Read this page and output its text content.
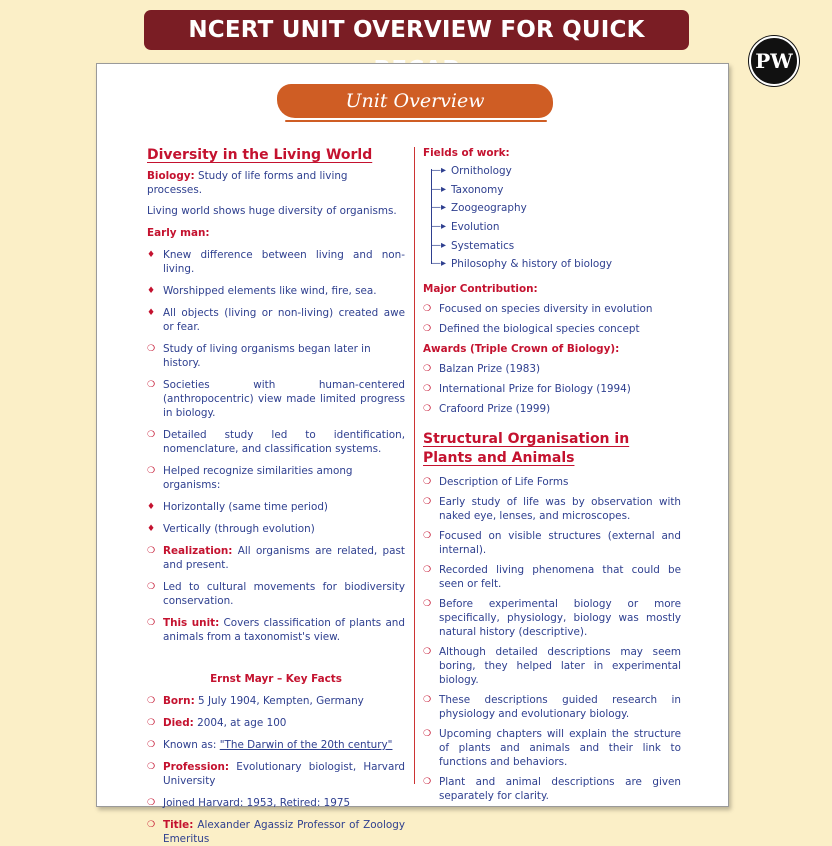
NCERT UNIT OVERVIEW FOR QUICK
PW
Unit Overview
Diversity in the Living World
Biology: Study of life forms and living processes.
Living world shows huge diversity of organisms.
Early man:
♦ Knew difference between living and non-living.
♦ Worshipped elements like wind, fire, sea.
♦ All objects (living or non-living) created awe or fear.
❍ Study of living organisms began later in history.
❍ Societies with human-centered (anthropocentric) view made limited progress in biology.
❍ Detailed study led to identification, nomenclature, and classification systems.
❍ Helped recognize similarities among organisms:
♦ Horizontally (same time period)
♦ Vertically (through evolution)
❍ Realization: All organisms are related, past and present.
❍ Led to cultural movements for biodiversity conservation.
❍ This unit: Covers classification of plants and animals from a taxonomist's view.
Ernst Mayr – Key Facts
❍ Born: 5 July 1904, Kempten, Germany
❍ Died: 2004, at age 100
❍ Known as: "The Darwin of the 20th century"
❍ Profession: Evolutionary biologist, Harvard University
❍ Joined Harvard: 1953, Retired: 1975
❍ Title: Alexander Agassiz Professor of Zoology Emeritus
Fields of work:
—▸ Ornithology
—▸ Taxonomy
—▸ Zoogeography
—▸ Evolution
—▸ Systematics
—▸ Philosophy & history of biology
Major Contribution:
❍ Focused on species diversity in evolution
❍ Defined the biological species concept
Awards (Triple Crown of Biology):
❍ Balzan Prize (1983)
❍ International Prize for Biology (1994)
❍ Crafoord Prize (1999)
Structural Organisation in Plants and Animals
❍ Description of Life Forms
❍ Early study of life was by observation with naked eye, lenses, and microscopes.
❍ Focused on visible structures (external and internal).
❍ Recorded living phenomena that could be seen or felt.
❍ Before experimental biology or more specifically, physiology, biology was mostly natural history (descriptive).
❍ Although detailed descriptions may seem boring, they helped later in experimental biology.
❍ These descriptions guided research in physiology and evolutionary biology.
❍ Upcoming chapters will explain the structure of plants and animals and their link to functions and behaviors.
❍ Plant and animal descriptions are given separately for clarity.
